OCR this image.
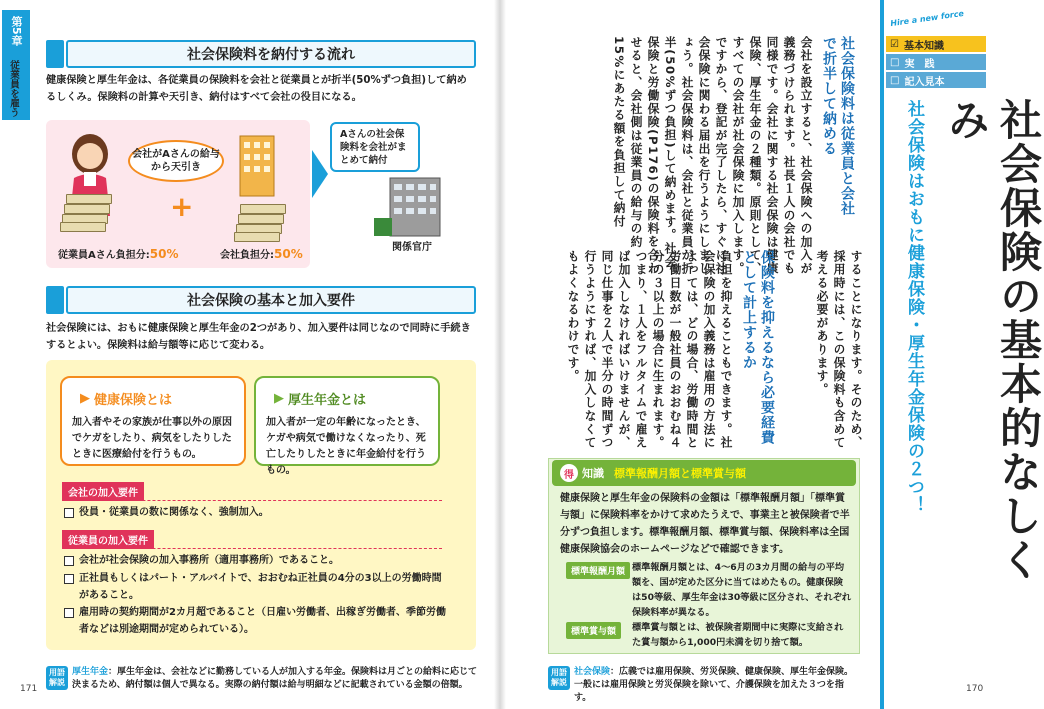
第5章
従業員を雇う
社会保険料を納付する流れ
健康保険と厚生年金は、各従業員の保険料を会社と従業員とが折半(50%ずつ負担)して納めるしくみ。保険料の計算や天引き、納付はすべて会社の役目になる。
会社がAさんの給与から天引き
+
従業員Aさん負担分:50%	会社負担分:50%
Aさんの社会保険料を会社がまとめて納付
関係官庁
社会保険の基本と加入要件
社会保険には、おもに健康保険と厚生年金の2つがあり、加入要件は同じなので同時に手続きするとよい。保険料は給与額等に応じて変わる。
▶ 健康保険とは
加入者やその家族が仕事以外の原因でケガをしたり、病気をしたりしたときに医療給付を行うもの。
▶ 厚生年金とは
加入者が一定の年齢になったとき、ケガや病気で働けなくなったり、死亡したりしたときに年金給付を行うもの。
会社の加入要件
役員・従業員の数に関係なく、強制加入。
従業員の加入要件
会社が社会保険の加入事務所（適用事務所）であること。
正社員もしくはパート・アルバイトで、おおむね正社員の4分の3以上の労働時間があること。
雇用時の契約期間が2カ月超であること（日雇い労働者、出稼ぎ労働者、季節労働者などは別途期間が定められている）。
用語解説
厚生年金：厚生年金は、会社などに勤務している人が加入する年金。保険料は月ごとの給料に応じて決まるため、納付額は個人で異なる。実際の納付額は給与明細などに記載されている金額の倍額。
171
Hire a new force
☑ 基本知識
□ 実　践
□ 記入見本
社会保険の基本的なしくみ
社会保険はおもに健康保険・厚生年金保険の２つ！
社会保険料は従業員と会社で折半して納める
会社を設立すると、社会保険への加入が義務づけられます。社長１人の会社でも同様です。会社に関する社会保険は健康保険、厚生年金の２種類。原則として、すべての会社が社会保険に加入します。ですから、登記が完了したら、すぐに社会保険に関わる届出を行うようにしましょう。社会保険料は、会社と従業員が折半(50%ずつ負担)して納めます。社会保険と労働保険(P176)の保険料を合わせると、会社側は従業員の給与の約15%にあたる額を負担して納付
することになります。そのため、採用時には、この保険料も含めて考える必要があります。
保険料を抑えるなら必要経費として計上するか
負担を抑えることもできます。社会保険の加入義務は雇用の方法によっては、どの場合、労働時間と労働日数が一般社員のおおむね４分の３以上の場合に生まれます。つまり、１人をフルタイムで雇えば加入しなければいけませんが、同じ仕事を２人で半分の時間ずつ行うようにすれば、加入しなくてもよくなるわけです。
得 知識 標準報酬月額と標準賞与額
健康保険と厚生年金の保険料の金額は「標準報酬月額」「標準賞与額」に保険料率をかけて求めたうえで、事業主と被保険者で半分ずつ負担します。標準報酬月額、標準賞与額、保険料率は全国健康保険協会のホームページなどで確認できます。
標準報酬月額 標準報酬月額とは、4〜6月の3カ月間の給与の平均額を、国が定めた区分に当てはめたもの。健康保険は50等級、厚生年金は30等級に区分され、それぞれ保険料率が異なる。
標準賞与額	標準賞与額とは、被保険者期間中に実際に支給された賞与額から1,000円未満を切り捨て額。
用語解説
社会保険：広義では雇用保険、労災保険、健康保険、厚生年金保険。一般には雇用保険と労災保険を除いて、介護保険を加えた３つを指す。
170
